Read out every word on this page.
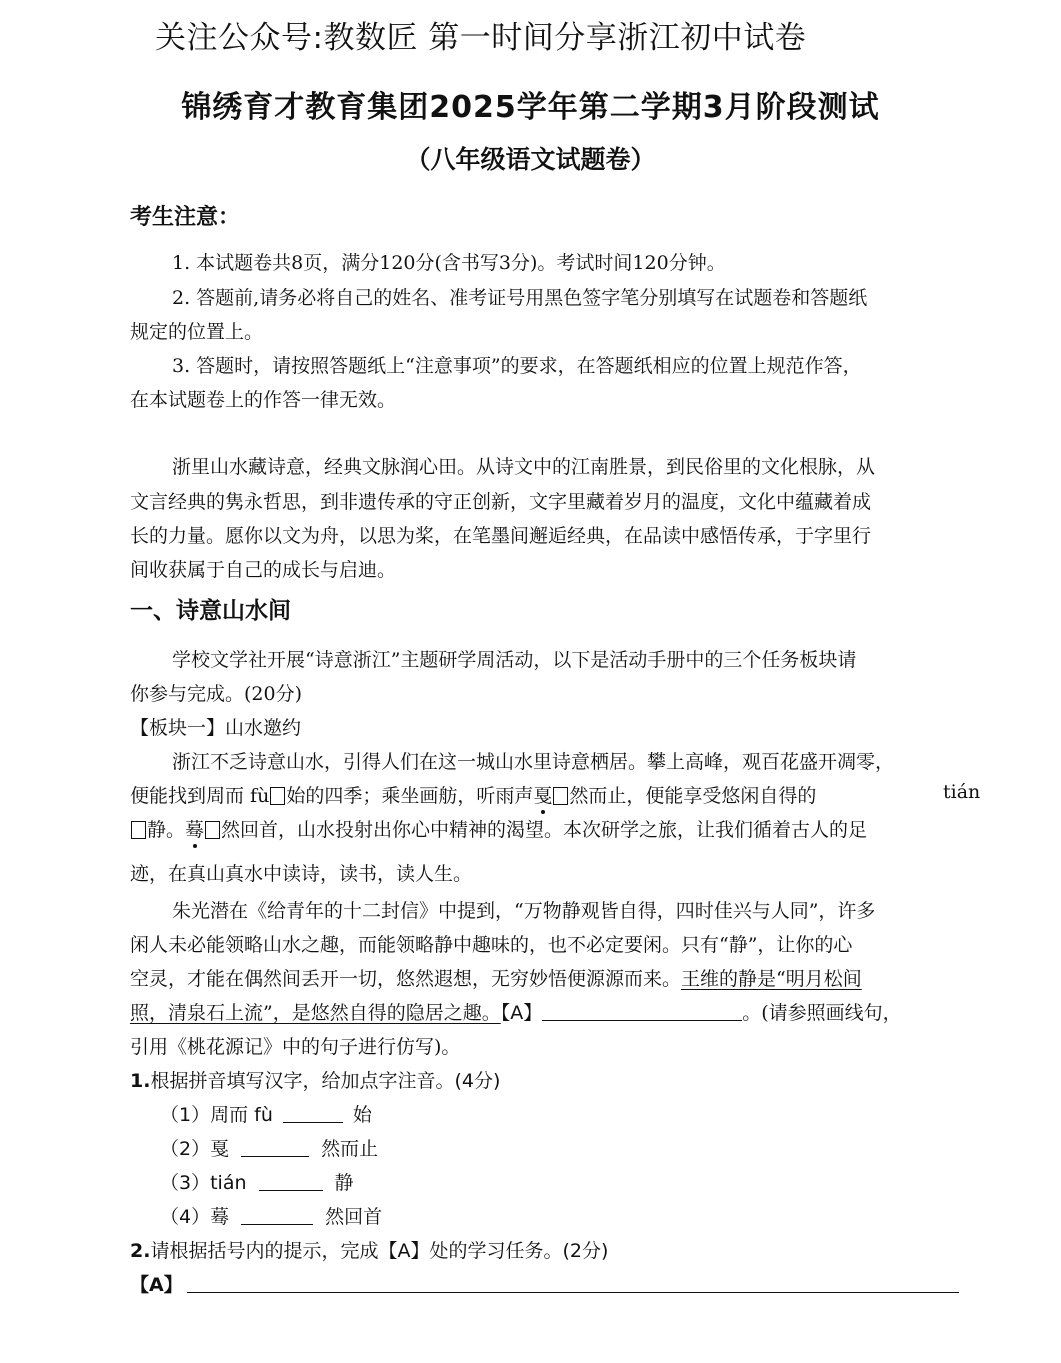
关注公众号:教数匠 第一时间分享浙江初中试卷
锦绣育才教育集团2025学年第二学期3月阶段测试
（八年级语文试题卷）
考生注意：
1. 本试题卷共8页，满分120分(含书写3分)。考试时间120分钟。
2. 答题前,请务必将自己的姓名、准考证号用黑色签字笔分别填写在试题卷和答题纸
规定的位置上。
3. 答题时，请按照答题纸上“注意事项”的要求，在答题纸相应的位置上规范作答，
在本试题卷上的作答一律无效。
浙里山水藏诗意，经典文脉润心田。从诗文中的江南胜景，到民俗里的文化根脉，从
文言经典的隽永哲思，到非遗传承的守正创新，文字里藏着岁月的温度，文化中蕴藏着成
长的力量。愿你以文为舟，以思为桨，在笔墨间邂逅经典，在品读中感悟传承，于字里行
间收获属于自己的成长与启迪。
一、诗意山水间
学校文学社开展“诗意浙江”主题研学周活动，以下是活动手册中的三个任务板块请
你参与完成。(20分)
【板块一】山水邀约
浙江不乏诗意山水，引得人们在这一城山水里诗意栖居。攀上高峰，观百花盛开凋零，
便能找到周而 fù 始的四季；乘坐画舫，听雨声戛 然而止，便能享受悠闲自得的	tián
静。蓦 然回首，山水投射出你心中精神的渴望。本次研学之旅，让我们循着古人的足
迹，在真山真水中读诗，读书，读人生。
朱光潜在《给青年的十二封信》中提到，“万物静观皆自得，四时佳兴与人同”，许多
闲人未必能领略山水之趣，而能领略静中趣味的，也不必定要闲。只有“静”，让你的心
空灵，才能在偶然间丢开一切，悠然遐想，无穷妙悟便源源而来。王维的静是“明月松间
照，清泉石上流”，是悠然自得的隐居之趣。【A】	。(请参照画线句，
引用《桃花源记》中的句子进行仿写)。
1.根据拼音填写汉字，给加点字注音。(4分)
（1）周而 fù	始
（2）戛	然而止
（3）tián	静
（4）蓦	然回首
2.请根据括号内的提示，完成【A】处的学习任务。(2分)
【A】
